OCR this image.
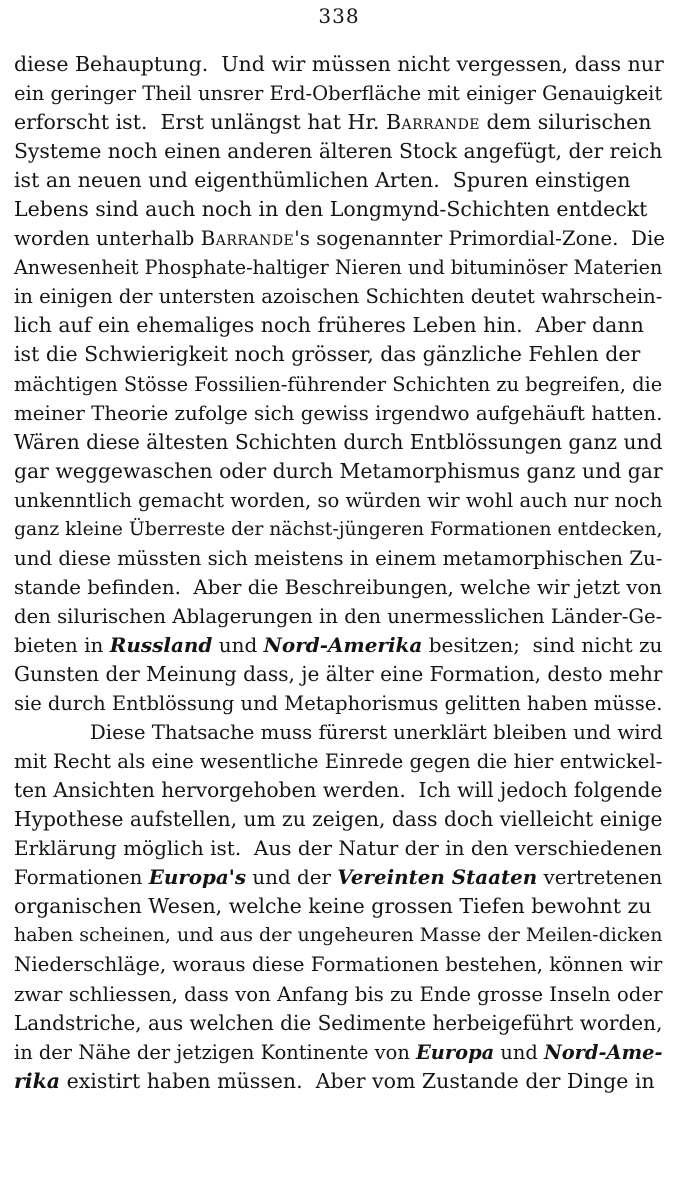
338
diese Behauptung.  Und wir müssen nicht vergessen, dass nur
ein geringer Theil unsrer Erd-Oberfläche mit einiger Genauigkeit
erforscht ist.  Erst unlängst hat Hr. Barrande dem silurischen
Systeme noch einen anderen älteren Stock angefügt, der reich
ist an neuen und eigenthümlichen Arten.  Spuren einstigen
Lebens sind auch noch in den Longmynd-Schichten entdeckt
worden unterhalb Barrande's sogenannter Primordial-Zone.  Die
Anwesenheit Phosphate-haltiger Nieren und bituminöser Materien
in einigen der untersten azoischen Schichten deutet wahrschein-
lich auf ein ehemaliges noch früheres Leben hin.  Aber dann
ist die Schwierigkeit noch grösser, das gänzliche Fehlen der
mächtigen Stösse Fossilien-führender Schichten zu begreifen, die
meiner Theorie zufolge sich gewiss irgendwo aufgehäuft hatten.
Wären diese ältesten Schichten durch Entblössungen ganz und
gar weggewaschen oder durch Metamorphismus ganz und gar
unkenntlich gemacht worden, so würden wir wohl auch nur noch
ganz kleine Überreste der nächst-jüngeren Formationen entdecken,
und diese müssten sich meistens in einem metamorphischen Zu-
stande befinden.  Aber die Beschreibungen, welche wir jetzt von
den silurischen Ablagerungen in den unermesslichen Länder-Ge-
bieten in Russland und Nord-Amerika besitzen;  sind nicht zu
Gunsten der Meinung dass, je älter eine Formation, desto mehr
sie durch Entblössung und Metaphorismus gelitten haben müsse.
Diese Thatsache muss fürerst unerklärt bleiben und wird
mit Recht als eine wesentliche Einrede gegen die hier entwickel-
ten Ansichten hervorgehoben werden.  Ich will jedoch folgende
Hypothese aufstellen, um zu zeigen, dass doch vielleicht einige
Erklärung möglich ist.  Aus der Natur der in den verschiedenen
Formationen Europa's und der Vereinten Staaten vertretenen
organischen Wesen, welche keine grossen Tiefen bewohnt zu
haben scheinen, und aus der ungeheuren Masse der Meilen-dicken
Niederschläge, woraus diese Formationen bestehen, können wir
zwar schliessen, dass von Anfang bis zu Ende grosse Inseln oder
Landstriche, aus welchen die Sedimente herbeigeführt worden,
in der Nähe der jetzigen Kontinente von Europa und Nord-Ame-
rika existirt haben müssen.  Aber vom Zustande der Dinge in
